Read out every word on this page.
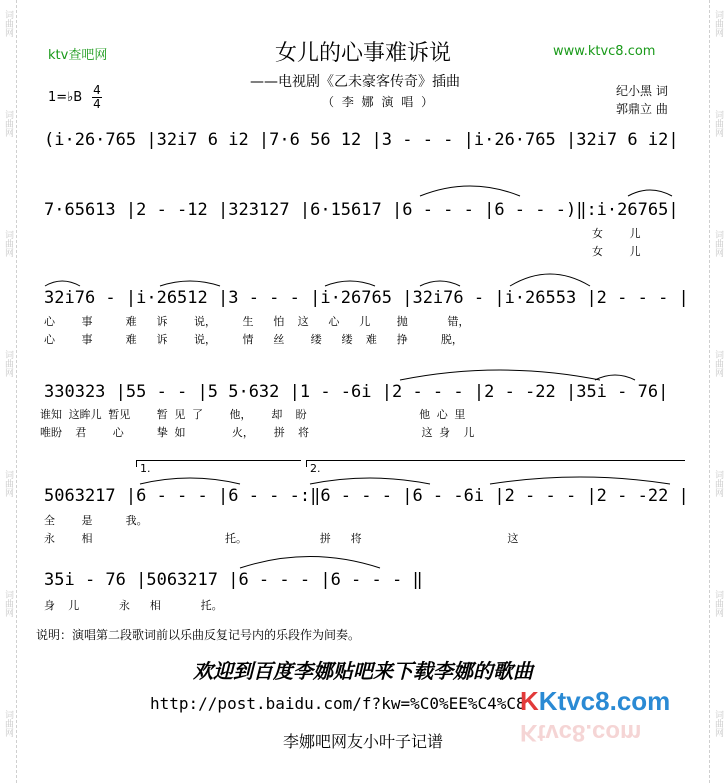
词曲网
词曲网
词曲网
词曲网
词曲网
词曲网
词曲网
词曲网
词曲网
词曲网
词曲网
词曲网
词曲网
词曲网
ktv查吧网	女儿的心事难诉说	www.ktvc8.com
——电视剧《乙未豪客传奇》插曲
（ 李 娜 演 唱 ）
纪小黑 词
郭鼎立 曲
1=♭B 4
4
(i·26·765 |32i7 6 i2 |7·6 56 12 |3 - - - |i·26·765 |32i7 6 i2|
7·65613 |2 - -12 |323127 |6·15617 |6 - - - |6 - - -)‖:i·26765|
女    儿
女    儿
32i76 - |i·26512 |3 - - - |i·26765 |32i76 - |i·26553 |2 - - - |
心    事     难   诉    说，    生   怕  这   心   儿    抛      错，
心    事     难   诉    说，    情   丝    缕   缕  难   挣     脱，
330323 |55 - - |5 5·632 |1 - -6i |2 - - - |2 - -22 |35i - 76|
谁知 这眸儿 暂见    暂 见 了    他，   却  盼                 他 心 里
唯盼  君    心     挚 如       火，   拼  将                 这 身  儿
1.	2.
5063217 |6 - - - |6 - - -:‖6 - - - |6 - -6i |2 - - - |2 - -22 |
全    是     我。
永    相                    托。           拼   将                      这
35i - 76 |5063217 |6 - - - |6 - - - ‖
身  儿      永   相      托。
说明：演唱第二段歌词前以乐曲反复记号内的乐段作为间奏。
欢迎到百度李娜贴吧来下载李娜的歌曲
http://post.baidu.com/f?kw=%C0%EE%C4%C8
KKtvc8.com
Ktvc8.com
李娜吧网友小叶子记谱
